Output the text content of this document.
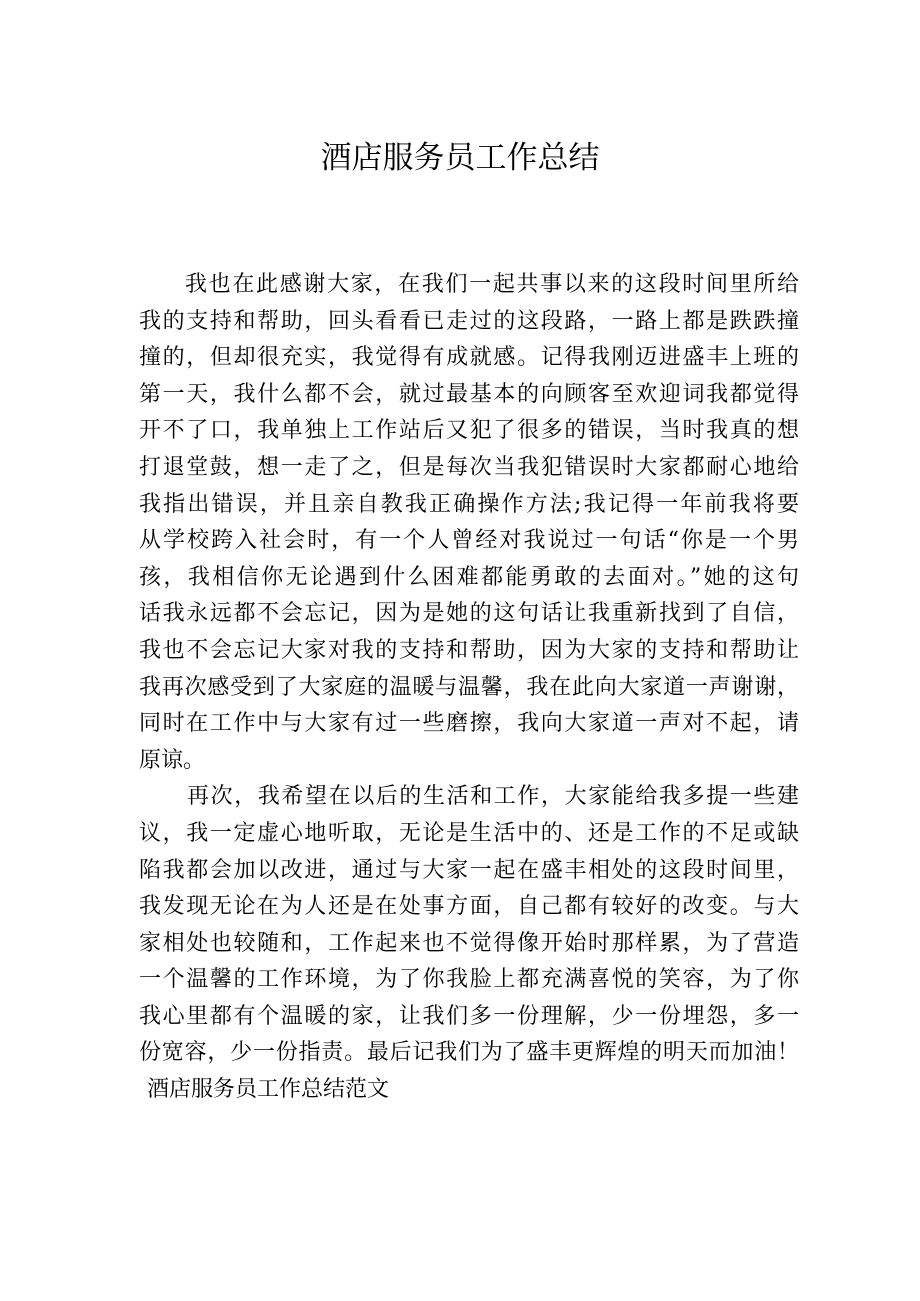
酒店服务员工作总结
我也在此感谢大家，在我们一起共事以来的这段时间里所给
我的支持和帮助，回头看看已走过的这段路，一路上都是跌跌撞
撞的，但却很充实，我觉得有成就感。记得我刚迈进盛丰上班的
第一天，我什么都不会，就过最基本的向顾客至欢迎词我都觉得
开不了口，我单独上工作站后又犯了很多的错误，当时我真的想
打退堂鼓，想一走了之，但是每次当我犯错误时大家都耐心地给
我指出错误，并且亲自教我正确操作方法;我记得一年前我将要
从学校跨入社会时，有一个人曾经对我说过一句话“你是一个男
孩，我相信你无论遇到什么困难都能勇敢的去面对。”她的这句
话我永远都不会忘记，因为是她的这句话让我重新找到了自信，
我也不会忘记大家对我的支持和帮助，因为大家的支持和帮助让
我再次感受到了大家庭的温暖与温馨，我在此向大家道一声谢谢，
同时在工作中与大家有过一些磨擦，我向大家道一声对不起，请
原谅。
再次，我希望在以后的生活和工作，大家能给我多提一些建
议，我一定虚心地听取，无论是生活中的、还是工作的不足或缺
陷我都会加以改进，通过与大家一起在盛丰相处的这段时间里，
我发现无论在为人还是在处事方面，自己都有较好的改变。与大
家相处也较随和，工作起来也不觉得像开始时那样累，为了营造
一个温馨的工作环境，为了你我脸上都充满喜悦的笑容，为了你
我心里都有个温暖的家，让我们多一份理解，少一份埋怨，多一
份宽容，少一份指责。最后记我们为了盛丰更辉煌的明天而加油！
酒店服务员工作总结范文
